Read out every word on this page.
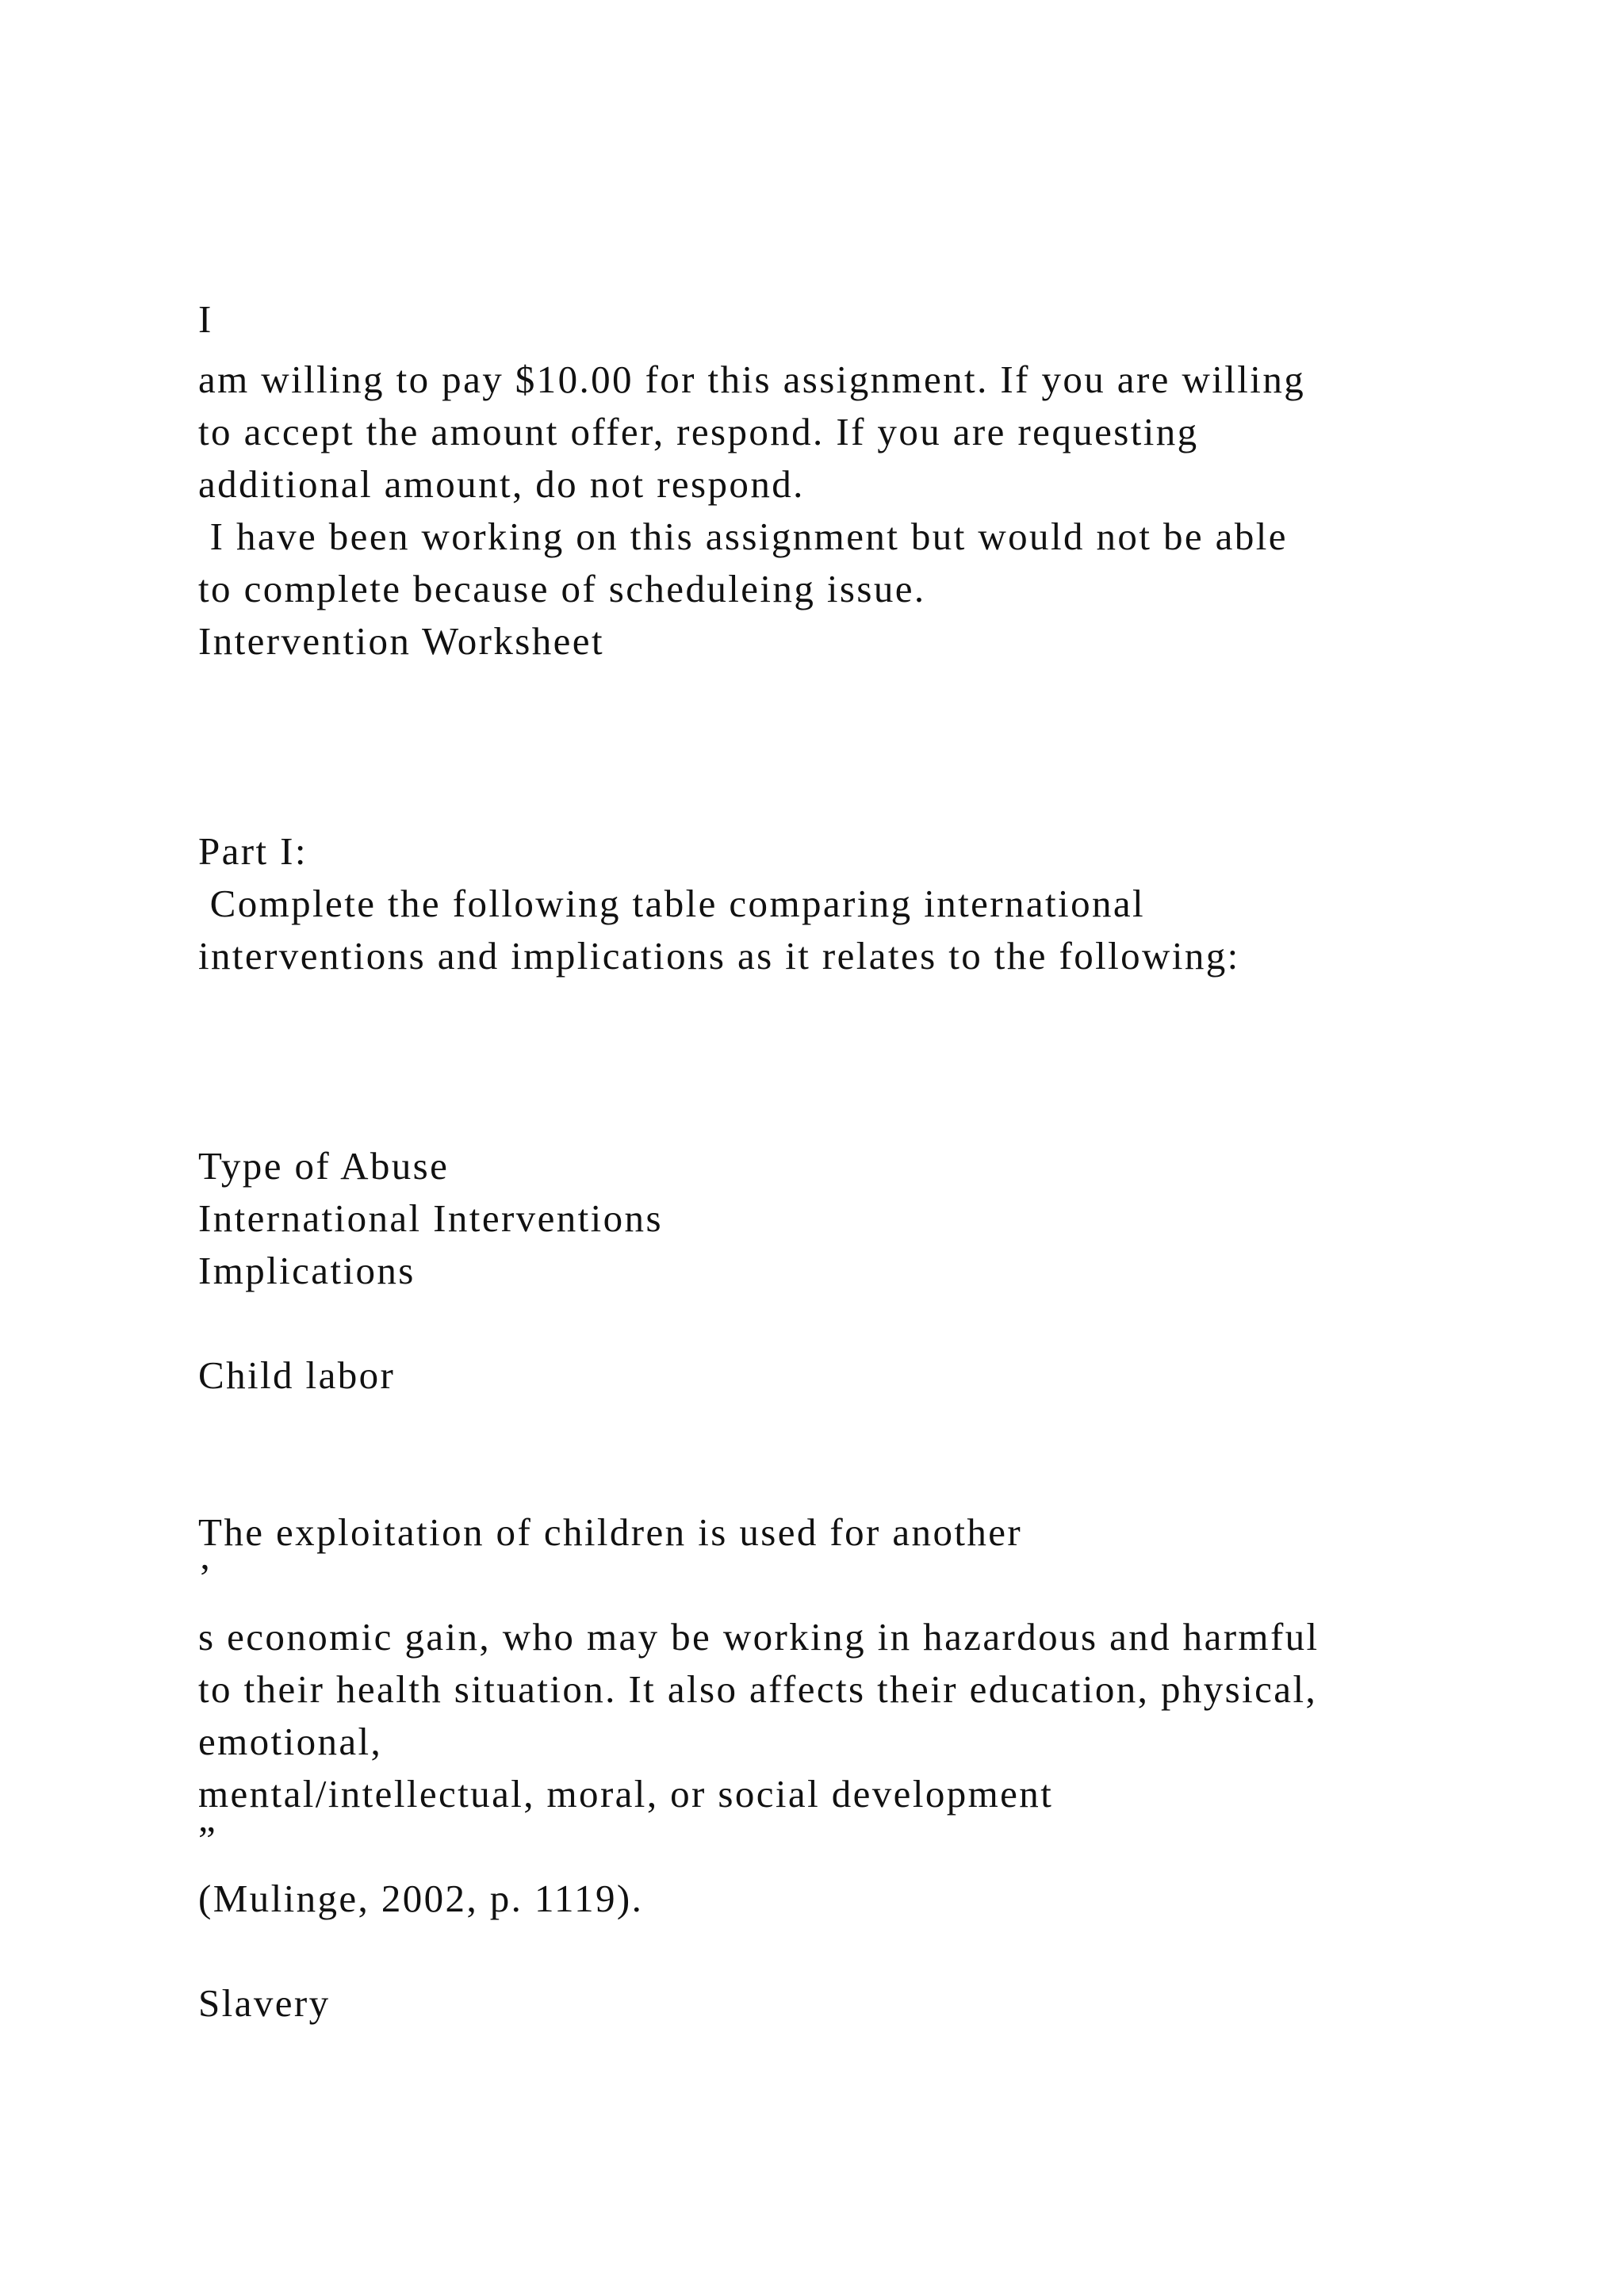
I

am willing to pay $10.00 for this assignment. If you are willing

to accept the amount offer, respond. If you are requesting

additional amount, do not respond.

I have been working on this assignment but would not be able

to complete because of scheduleing issue.

Intervention Worksheet

Part I:

Complete the following table comparing international

interventions and implications as it relates to the following:

Type of Abuse

International Interventions

Implications

Child labor

The exploitation of children is used for another

’

s economic gain, who may be working in hazardous and harmful

to their health situation. It also affects their education, physical,

emotional,

mental/intellectual, moral, or social development

”

(Mulinge, 2002, p. 1119).

Slavery
